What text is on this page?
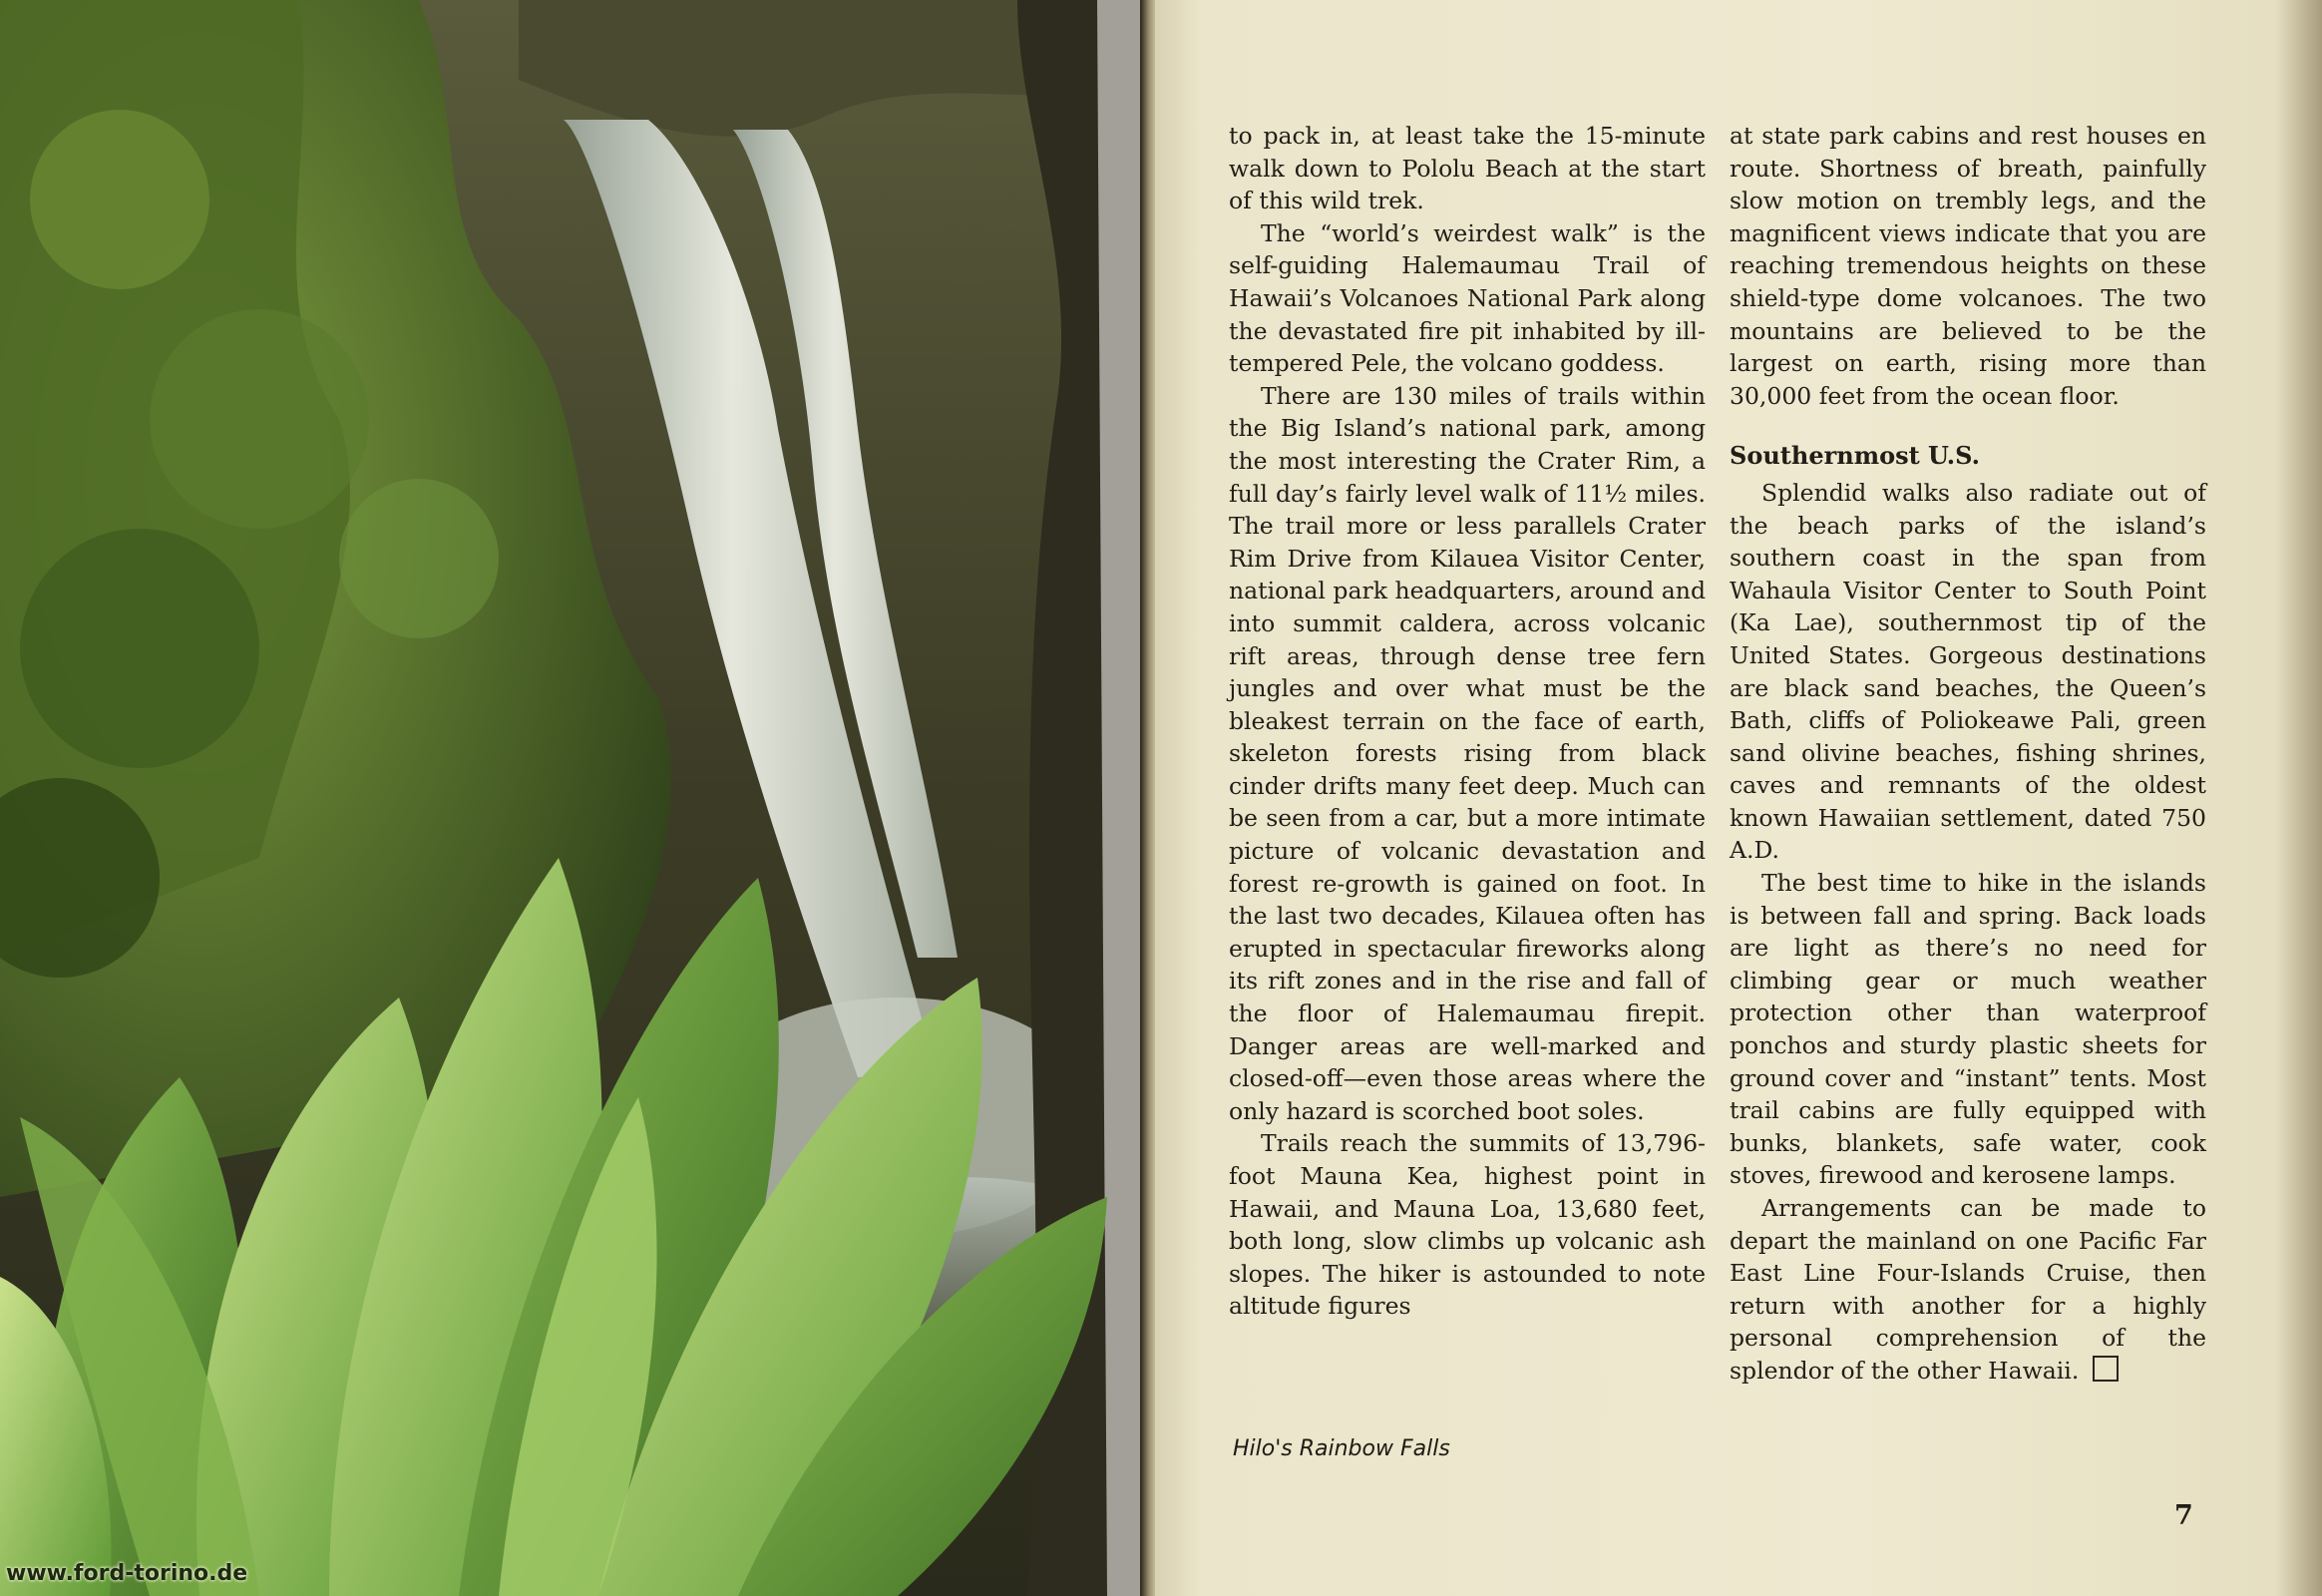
www.ford-torino.de
Hilo's Rainbow Falls

to pack in, at least take the 15-minute walk down to Pololu Beach at the start of this wild trek.

The “world’s weirdest walk” is the self-guiding Halemaumau Trail of Hawaii’s Volcanoes National Park along the devastated fire pit inhabited by ill-tempered Pele, the volcano goddess.

There are 130 miles of trails within the Big Island’s national park, among the most interesting the Crater Rim, a full day’s fairly level walk of 11½ miles. The trail more or less parallels Crater Rim Drive from Kilauea Visitor Center, national park headquarters, around and into summit caldera, across volcanic rift areas, through dense tree fern jungles and over what must be the bleakest terrain on the face of earth, skeleton forests rising from black cinder drifts many feet deep. Much can be seen from a car, but a more intimate picture of volcanic devastation and forest re-growth is gained on foot. In the last two decades, Kilauea often has erupted in spectacular fireworks along its rift zones and in the rise and fall of the floor of Halemaumau firepit. Danger areas are well-marked and closed-off—even those areas where the only hazard is scorched boot soles.

Trails reach the summits of 13,796-foot Mauna Kea, highest point in Hawaii, and Mauna Loa, 13,680 feet, both long, slow climbs up volcanic ash slopes. The hiker is astounded to note altitude figures

at state park cabins and rest houses en route. Shortness of breath, painfully slow motion on trembly legs, and the magnificent views indicate that you are reaching tremendous heights on these shield-type dome volcanoes. The two mountains are believed to be the largest on earth, rising more than 30,000 feet from the ocean floor.

Southernmost U.S.

Splendid walks also radiate out of the beach parks of the island’s southern coast in the span from Wahaula Visitor Center to South Point (Ka Lae), southernmost tip of the United States. Gorgeous destinations are black sand beaches, the Queen’s Bath, cliffs of Poliokeawe Pali, green sand olivine beaches, fishing shrines, caves and remnants of the oldest known Hawaiian settlement, dated 750 A.D.

The best time to hike in the islands is between fall and spring. Back loads are light as there’s no need for climbing gear or much weather protection other than waterproof ponchos and sturdy plastic sheets for ground cover and “instant” tents. Most trail cabins are fully equipped with bunks, blankets, safe water, cook stoves, firewood and kerosene lamps.

Arrangements can be made to depart the mainland on one Pacific Far East Line Four-Islands Cruise, then return with another for a highly personal comprehension of the splendor of the other Hawaii.

7
